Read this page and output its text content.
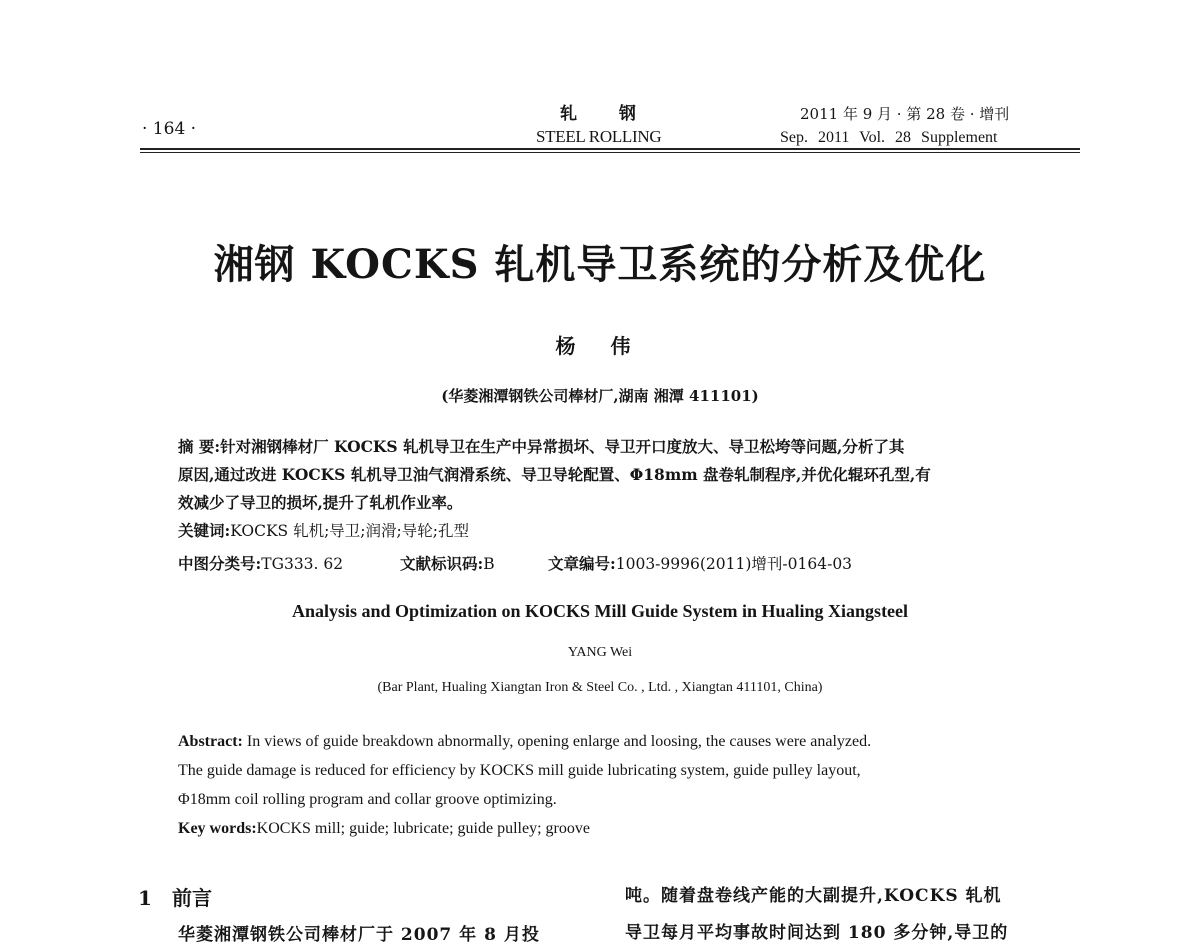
· 164 ·
轧 钢
STEEL ROLLING
2011 年 9 月 · 第 28 卷 · 增刊
Sep. 2011 Vol. 28 Supplement
湘钢 KOCKS 轧机导卫系统的分析及优化
杨 伟
(华菱湘潭钢铁公司棒材厂,湖南 湘潭 411101)
摘 要:针对湘钢棒材厂 KOCKS 轧机导卫在生产中异常损坏、导卫开口度放大、导卫松垮等问题,分析了其
原因,通过改进 KOCKS 轧机导卫油气润滑系统、导卫导轮配置、Φ18mm 盘卷轧制程序,并优化辊环孔型,有
效减少了导卫的损坏,提升了轧机作业率。
关键词:KOCKS 轧机;导卫;润滑;导轮;孔型
中图分类号:TG333. 62	文献标识码:B	文章编号:1003-9996(2011)增刊-0164-03
Analysis and Optimization on KOCKS Mill Guide System in Hualing Xiangsteel
YANG Wei
(Bar Plant, Hualing Xiangtan Iron & Steel Co. , Ltd. , Xiangtan 411101, China)
Abstract: In views of guide breakdown abnormally, opening enlarge and loosing, the causes were analyzed.
The guide damage is reduced for efficiency by KOCKS mill guide lubricating system, guide pulley layout,
Φ18mm coil rolling program and collar groove optimizing.
Key words:KOCKS mill; guide; lubricate; guide pulley; groove
1 前言
华菱湘潭钢铁公司棒材厂于 2007 年 8 月投
吨。随着盘卷线产能的大副提升,KOCKS 轧机
导卫每月平均事故时间达到 180 多分钟,导卫的
